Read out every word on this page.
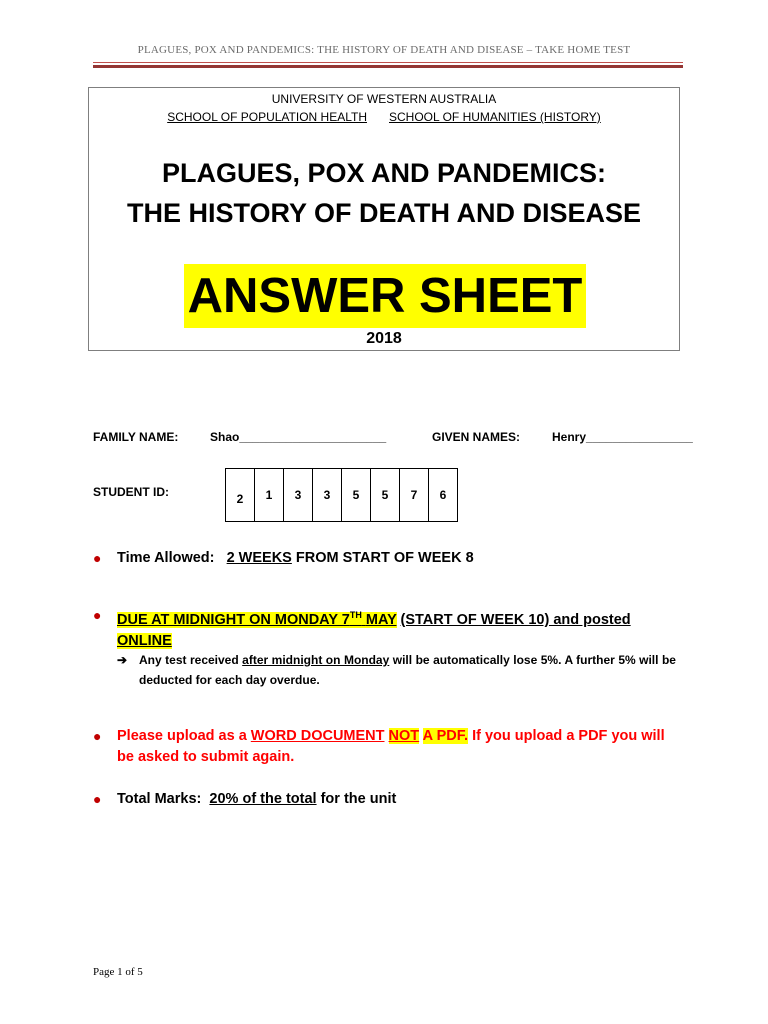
PLAGUES, POX AND PANDEMICS: THE HISTORY OF DEATH AND DISEASE – TAKE HOME TEST
UNIVERSITY OF WESTERN AUSTRALIA
SCHOOL OF POPULATION HEALTH SCHOOL OF HUMANITIES (HISTORY)
PLAGUES, POX AND PANDEMICS:
THE HISTORY OF DEATH AND DISEASE
ANSWER SHEET
2018
FAMILY NAME:	Shao______________________	GIVEN NAMES:	Henry________________
STUDENT ID:	2	1	3	3	5	5	7	6
● Time Allowed: 2 WEEKS FROM START OF WEEK 8
● DUE AT MIDNIGHT ON MONDAY 7TH MAY (START OF WEEK 10) and posted
ONLINE
➔ Any test received after midnight on Monday will be automatically lose 5%. A further 5% will be deducted for each day overdue.
● Please upload as a WORD DOCUMENT NOT A PDF. If you upload a PDF you will be asked to submit again.
● Total Marks: 20% of the total for the unit
Page 1 of 5
